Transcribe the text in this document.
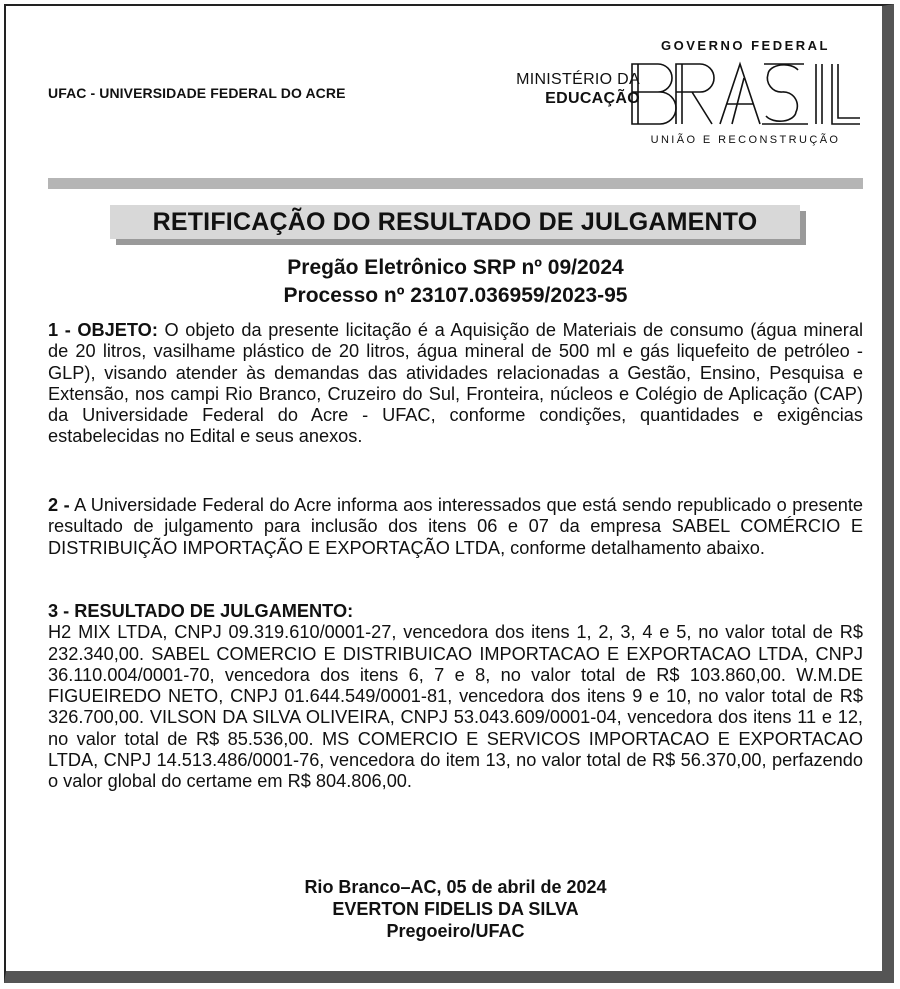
UFAC - UNIVERSIDADE FEDERAL DO ACRE
MINISTÉRIO DA
EDUCAÇÃO
GOVERNO FEDERAL
UNIÃO E RECONSTRUÇÃO
RETIFICAÇÃO DO RESULTADO DE JULGAMENTO
Pregão Eletrônico SRP nº 09/2024
Processo nº 23107.036959/2023-95
1 - OBJETO: O objeto da presente licitação é a Aquisição de Materiais de consumo (água mineral de 20 litros, vasilhame plástico de 20 litros, água mineral de 500 ml e gás liquefeito de petróleo - GLP), visando atender às demandas das atividades relacionadas a Gestão, Ensino, Pesquisa e Extensão, nos campi Rio Branco, Cruzeiro do Sul, Fronteira, núcleos e Colégio de Aplicação (CAP) da Universidade Federal do Acre - UFAC, conforme condições, quantidades e exigências estabelecidas no Edital e seus anexos.
2 - A Universidade Federal do Acre informa aos interessados que está sendo republicado o presente resultado de julgamento para inclusão dos itens 06 e 07 da empresa SABEL COMÉRCIO E DISTRIBUIÇÃO IMPORTAÇÃO E EXPORTAÇÃO LTDA, conforme detalhamento abaixo.
3 - RESULTADO DE JULGAMENTO:
H2 MIX LTDA, CNPJ 09.319.610/0001-27, vencedora dos itens 1, 2, 3, 4 e 5, no valor total de R$ 232.340,00. SABEL COMERCIO E DISTRIBUICAO IMPORTACAO E EXPORTACAO LTDA, CNPJ 36.110.004/0001-70, vencedora dos itens 6, 7 e 8, no valor total de R$ 103.860,00. W.M.DE FIGUEIREDO NETO, CNPJ 01.644.549/0001-81, vencedora dos itens 9 e 10, no valor total de R$ 326.700,00. VILSON DA SILVA OLIVEIRA, CNPJ 53.043.609/0001-04, vencedora dos itens 11 e 12, no valor total de R$ 85.536,00. MS COMERCIO E SERVICOS IMPORTACAO E EXPORTACAO LTDA, CNPJ 14.513.486/0001-76, vencedora do item 13, no valor total de R$ 56.370,00, perfazendo o valor global do certame em R$ 804.806,00.
Rio Branco–AC, 05 de abril de 2024
EVERTON FIDELIS DA SILVA
Pregoeiro/UFAC
